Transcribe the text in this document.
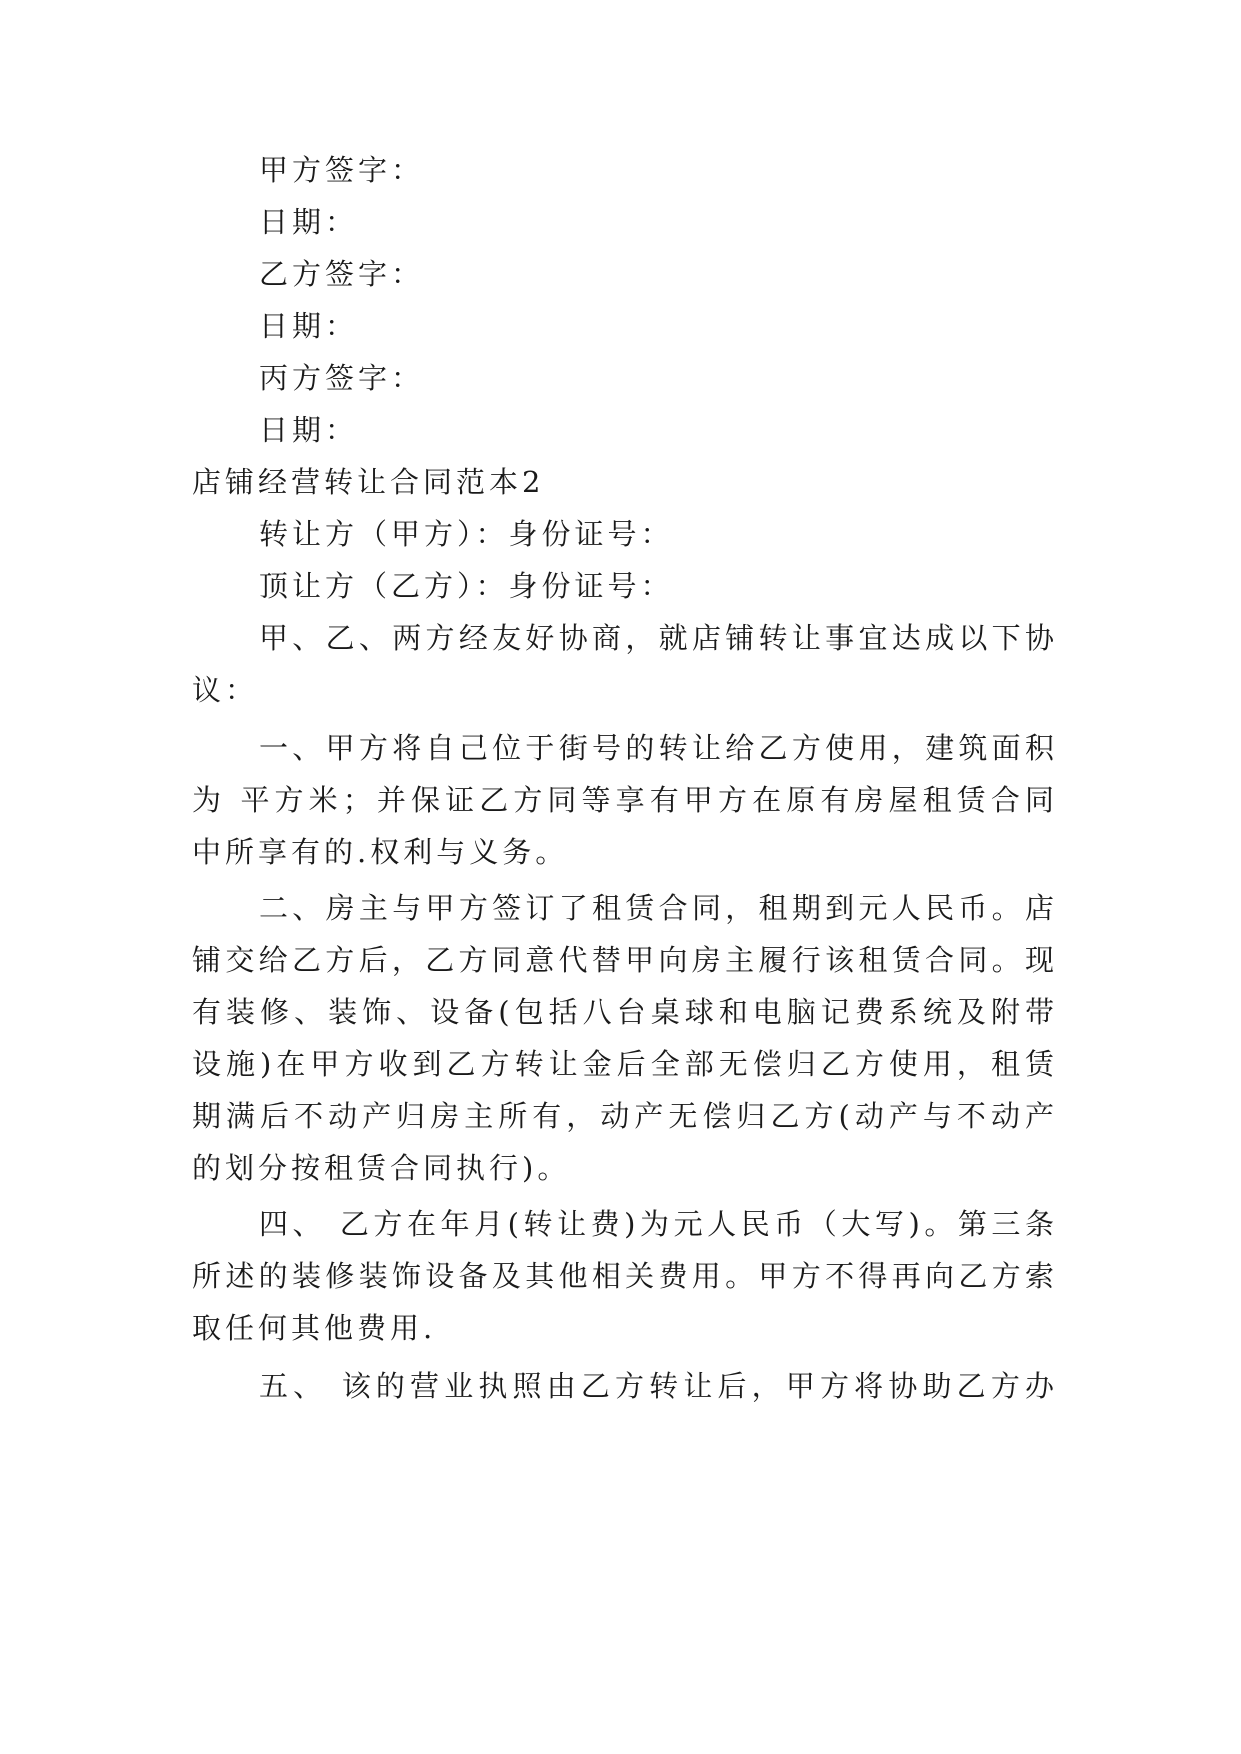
甲方签字：
日期：
乙方签字：
日期：
丙方签字：
日期：
店铺经营转让合同范本2
转让方（甲方）：身份证号：
顶让方（乙方）：身份证号：
甲、乙、两方经友好协商，就店铺转让事宜达成以下协
议：
一、甲方将自己位于街号的转让给乙方使用，建筑面积
为 平方米；并保证乙方同等享有甲方在原有房屋租赁合同
中所享有的.权利与义务。
二、房主与甲方签订了租赁合同，租期到元人民币。店
铺交给乙方后，乙方同意代替甲向房主履行该租赁合同。现
有装修、装饰、设备(包括八台桌球和电脑记费系统及附带
设施)在甲方收到乙方转让金后全部无偿归乙方使用，租赁
期满后不动产归房主所有，动产无偿归乙方(动产与不动产
的划分按租赁合同执行)。
四、 乙方在年月(转让费)为元人民币（大写)。第三条
所述的装修装饰设备及其他相关费用。甲方不得再向乙方索
取任何其他费用.
五、 该的营业执照由乙方转让后，甲方将协助乙方办
